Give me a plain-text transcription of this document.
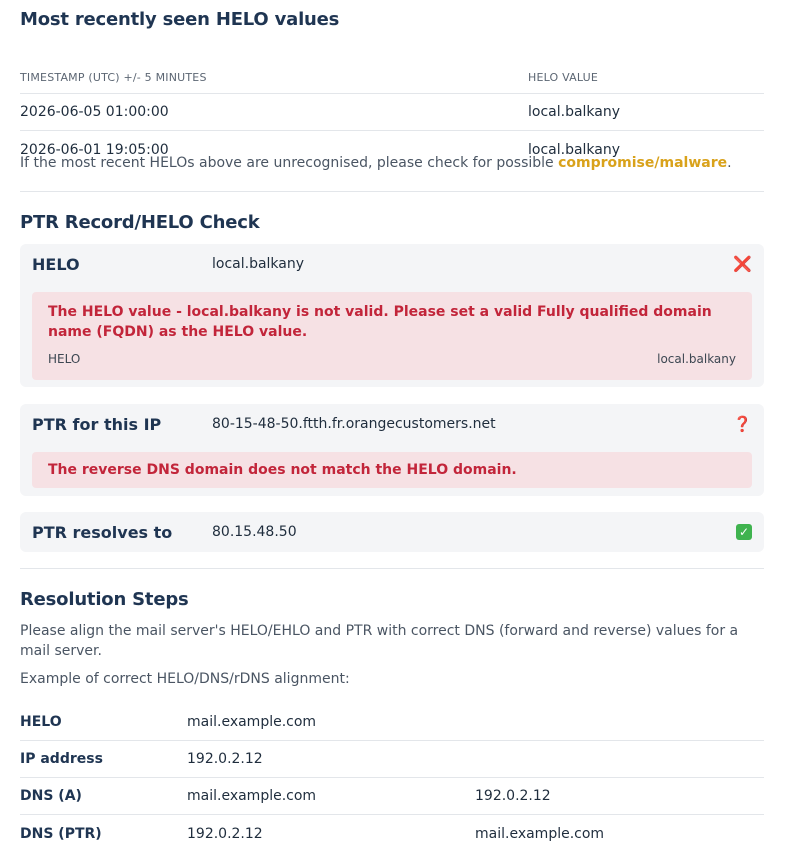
Most recently seen HELO values
TIMESTAMP (UTC) +/- 5 MINUTES	HELO VALUE
2026-06-05 01:00:00	local.balkany
2026-06-01 19:05:00	local.balkany

If the most recent HELOs above are unrecognised, please check for possible compromise/malware.

PTR Record/HELO Check
HELO	local.balkany	❌
The HELO value - local.balkany is not valid. Please set a valid Fully qualified domain name (FQDN) as the HELO value.
HELO	local.balkany
PTR for this IP	80-15-48-50.ftth.fr.orangecustomers.net	❓
The reverse DNS domain does not match the HELO domain.
PTR resolves to	80.15.48.50	✓
Resolution Steps

Please align the mail server's HELO/EHLO and PTR with correct DNS (forward and reverse) values for a mail server.

Example of correct HELO/DNS/rDNS alignment:

HELO	mail.example.com
IP address	192.0.2.12
DNS (A)	mail.example.com	192.0.2.12
DNS (PTR)	192.0.2.12	mail.example.com
